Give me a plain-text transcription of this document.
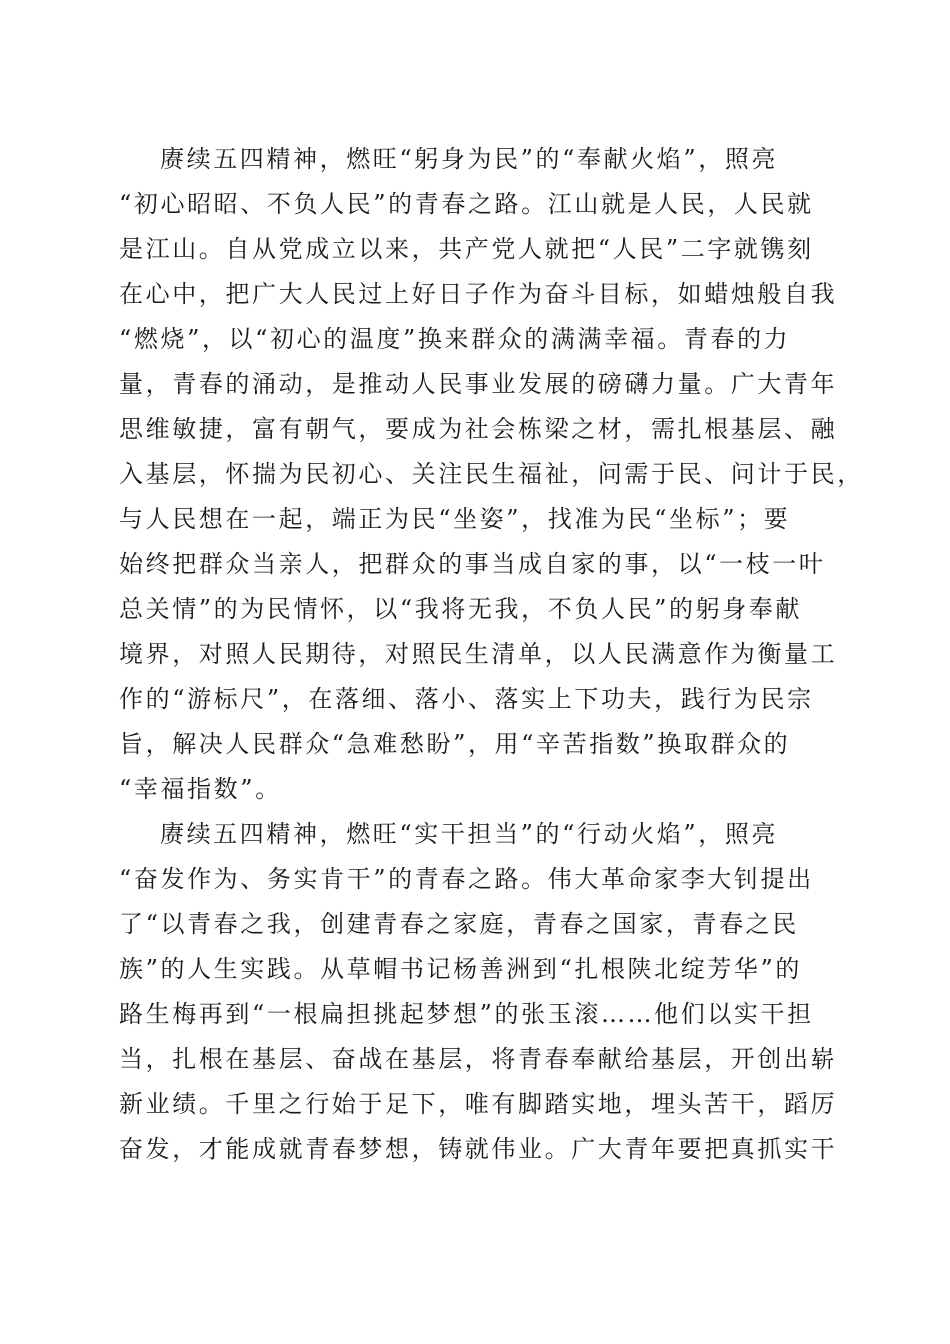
赓续五四精神，燃旺“躬身为民”的“奉献火焰”，照亮
“初心昭昭、不负人民”的青春之路。江山就是人民，人民就
是江山。自从党成立以来，共产党人就把“人民”二字就镌刻
在心中，把广大人民过上好日子作为奋斗目标，如蜡烛般自我
“燃烧”，以“初心的温度”换来群众的满满幸福。青春的力
量，青春的涌动，是推动人民事业发展的磅礴力量。广大青年
思维敏捷，富有朝气，要成为社会栋梁之材，需扎根基层、融
入基层，怀揣为民初心、关注民生福祉，问需于民、问计于民，
与人民想在一起，端正为民“坐姿”，找准为民“坐标”；要
始终把群众当亲人，把群众的事当成自家的事，以“一枝一叶
总关情”的为民情怀，以“我将无我，不负人民”的躬身奉献
境界，对照人民期待，对照民生清单，以人民满意作为衡量工
作的“游标尺”，在落细、落小、落实上下功夫，践行为民宗
旨，解决人民群众“急难愁盼”，用“辛苦指数”换取群众的
“幸福指数”。
赓续五四精神，燃旺“实干担当”的“行动火焰”，照亮
“奋发作为、务实肯干”的青春之路。伟大革命家李大钊提出
了“以青春之我，创建青春之家庭，青春之国家，青春之民
族”的人生实践。从草帽书记杨善洲到“扎根陕北绽芳华”的
路生梅再到“一根扁担挑起梦想”的张玉滚……他们以实干担
当，扎根在基层、奋战在基层，将青春奉献给基层，开创出崭
新业绩。千里之行始于足下，唯有脚踏实地，埋头苦干，蹈厉
奋发，才能成就青春梦想，铸就伟业。广大青年要把真抓实干
